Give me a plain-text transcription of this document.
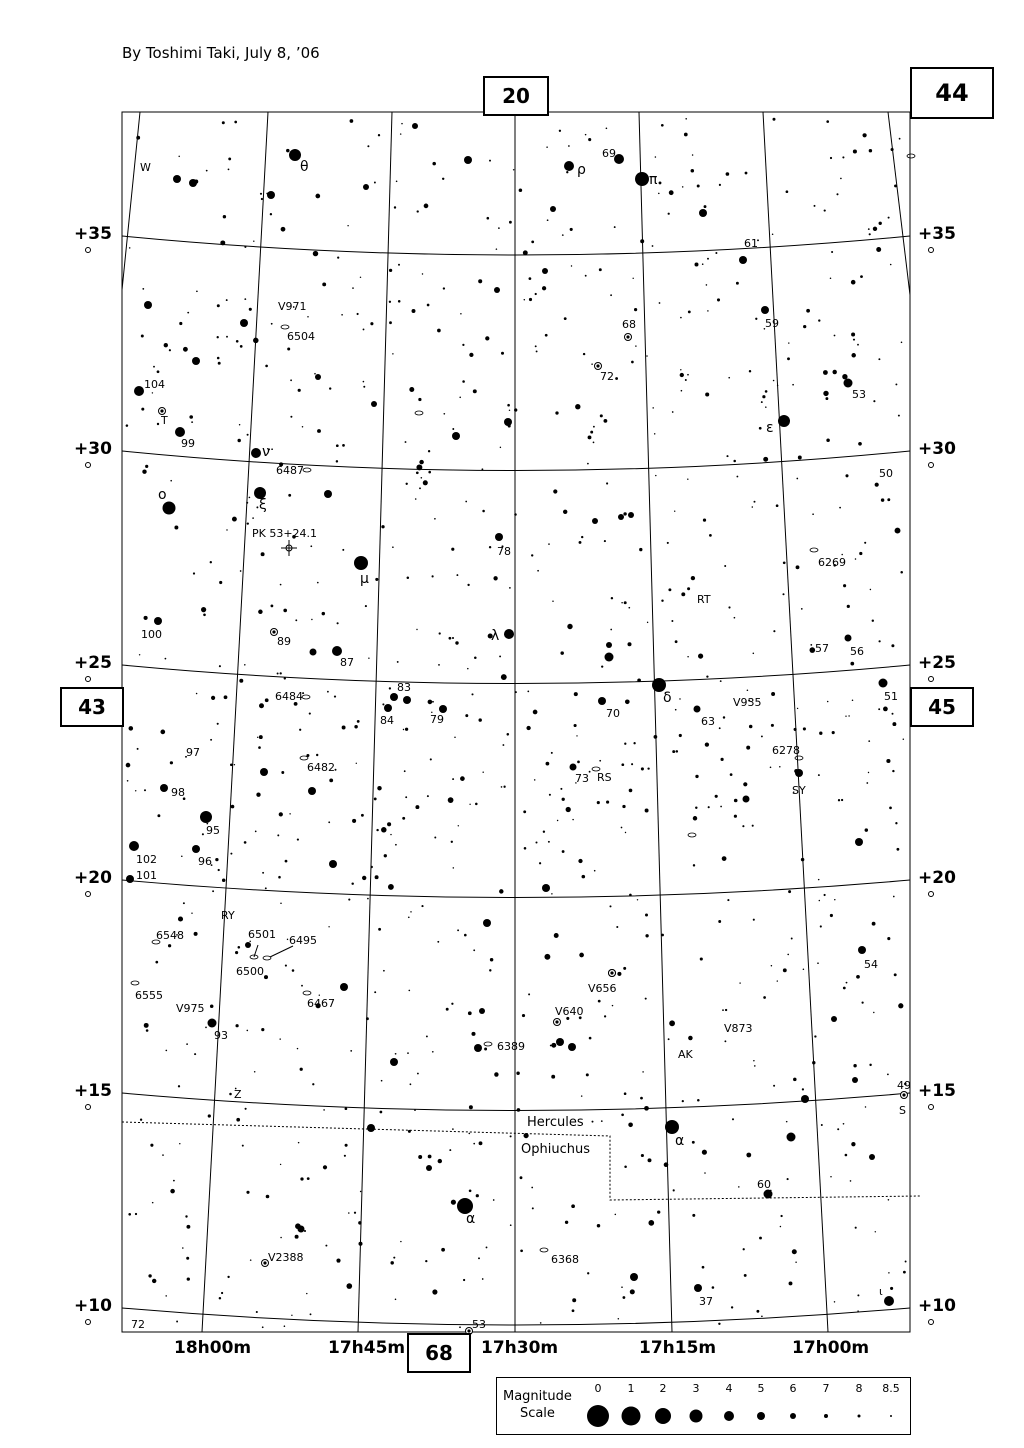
By Toshimi Taki, July 8, ’06
20	44
43	45
68
+35
+30
+25
+20
+15
+10
+35
+30
+25
+20
+15
+10
18h00m	17h45m	17h30m	17h15m	17h00m
Hercules
Ophiuchus
W	θ	ρ
π
69
61
V971
6504
68
72
59
104
T
99
53
ε
ν
6487
o
ξ
50
PK 53+24.1
μ
78
6269
RT
100
89	λ
87
57 56
83
6484
84	79	70
δ
63
V935	51
97
6482
73 RS
6278
SY
98
95
102	96
101
RY
6548	6501 6495
6500
54
V656
6555
6467
V975
93
V640
V873
6389
AK
Z
49
S
α
60
α
V2388	6368
37
ι
72	53
Magnitude
Scale
0 1 2 3 4 5 6 7 8 8.5
